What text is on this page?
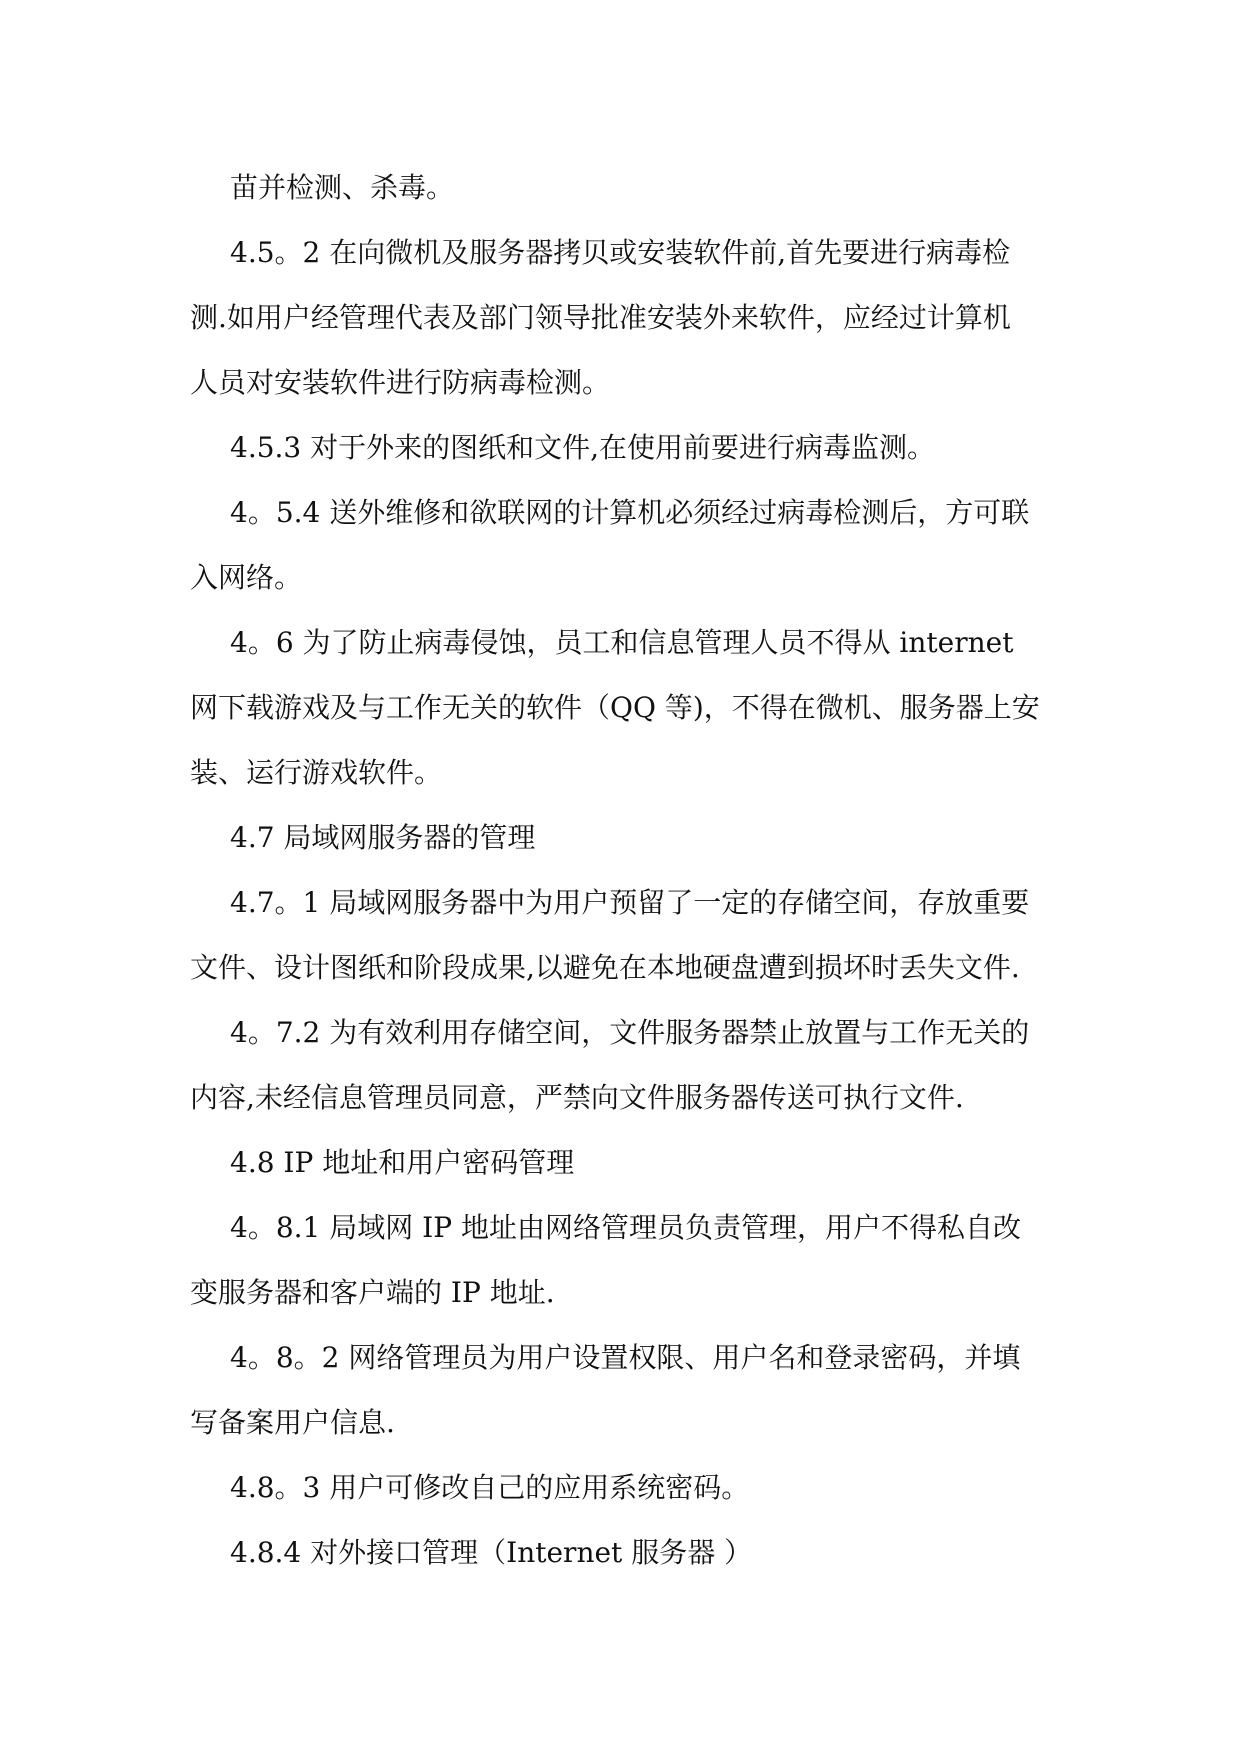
苗并检测、杀毒。

4.5。2 在向微机及服务器拷贝或安装软件前,首先要进行病毒检

测.如用户经管理代表及部门领导批准安装外来软件，应经过计算机

人员对安装软件进行防病毒检测。

4.5.3 对于外来的图纸和文件,在使用前要进行病毒监测。

4。5.4 送外维修和欲联网的计算机必须经过病毒检测后，方可联

入网络。

4。6 为了防止病毒侵蚀，员工和信息管理人员不得从 internet

网下载游戏及与工作无关的软件（QQ 等)，不得在微机、服务器上安

装、运行游戏软件。

4.7 局域网服务器的管理

4.7。1 局域网服务器中为用户预留了一定的存储空间，存放重要

文件、设计图纸和阶段成果,以避免在本地硬盘遭到损坏时丢失文件.

4。7.2 为有效利用存储空间，文件服务器禁止放置与工作无关的

内容,未经信息管理员同意，严禁向文件服务器传送可执行文件.

4.8 IP 地址和用户密码管理

4。8.1 局域网 IP 地址由网络管理员负责管理，用户不得私自改

变服务器和客户端的 IP 地址.

4。8。2 网络管理员为用户设置权限、用户名和登录密码，并填

写备案用户信息.

4.8。3 用户可修改自己的应用系统密码。

4.8.4 对外接口管理（Internet 服务器 ）
